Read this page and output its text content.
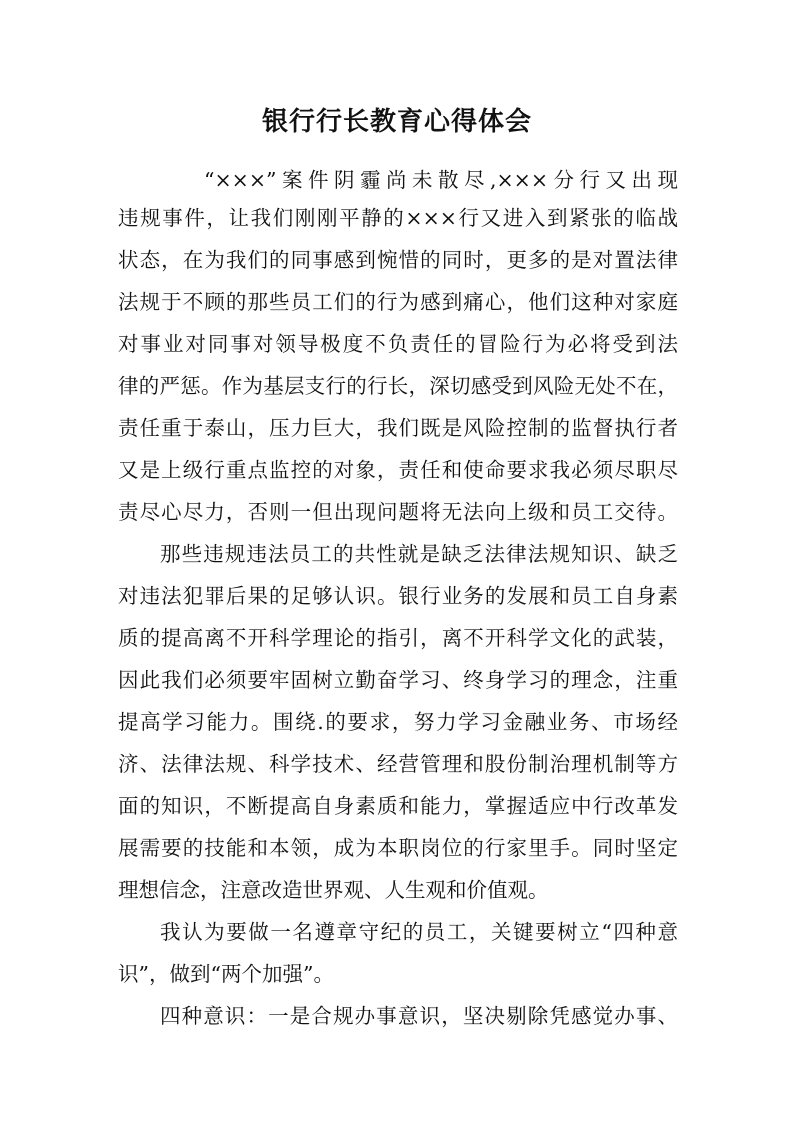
银行行长教育心得体会
“×××”案件阴霾尚未散尽,×××分行又出现
违规事件，让我们刚刚平静的×××行又进入到紧张的临战
状态，在为我们的同事感到惋惜的同时，更多的是对置法律
法规于不顾的那些员工们的行为感到痛心，他们这种对家庭
对事业对同事对领导极度不负责任的冒险行为必将受到法
律的严惩。作为基层支行的行长，深切感受到风险无处不在，
责任重于泰山，压力巨大，我们既是风险控制的监督执行者
又是上级行重点监控的对象，责任和使命要求我必须尽职尽
责尽心尽力，否则一但出现问题将无法向上级和员工交待。
那些违规违法员工的共性就是缺乏法律法规知识、缺乏
对违法犯罪后果的足够认识。银行业务的发展和员工自身素
质的提高离不开科学理论的指引，离不开科学文化的武装，
因此我们必须要牢固树立勤奋学习、终身学习的理念，注重
提高学习能力。围绕.的要求，努力学习金融业务、市场经
济、法律法规、科学技术、经营管理和股份制治理机制等方
面的知识，不断提高自身素质和能力，掌握适应中行改革发
展需要的技能和本领，成为本职岗位的行家里手。同时坚定
理想信念，注意改造世界观、人生观和价值观。
我认为要做一名遵章守纪的员工，关键要树立“四种意
识”，做到“两个加强”。
四种意识：一是合规办事意识，坚决剔除凭感觉办事、
